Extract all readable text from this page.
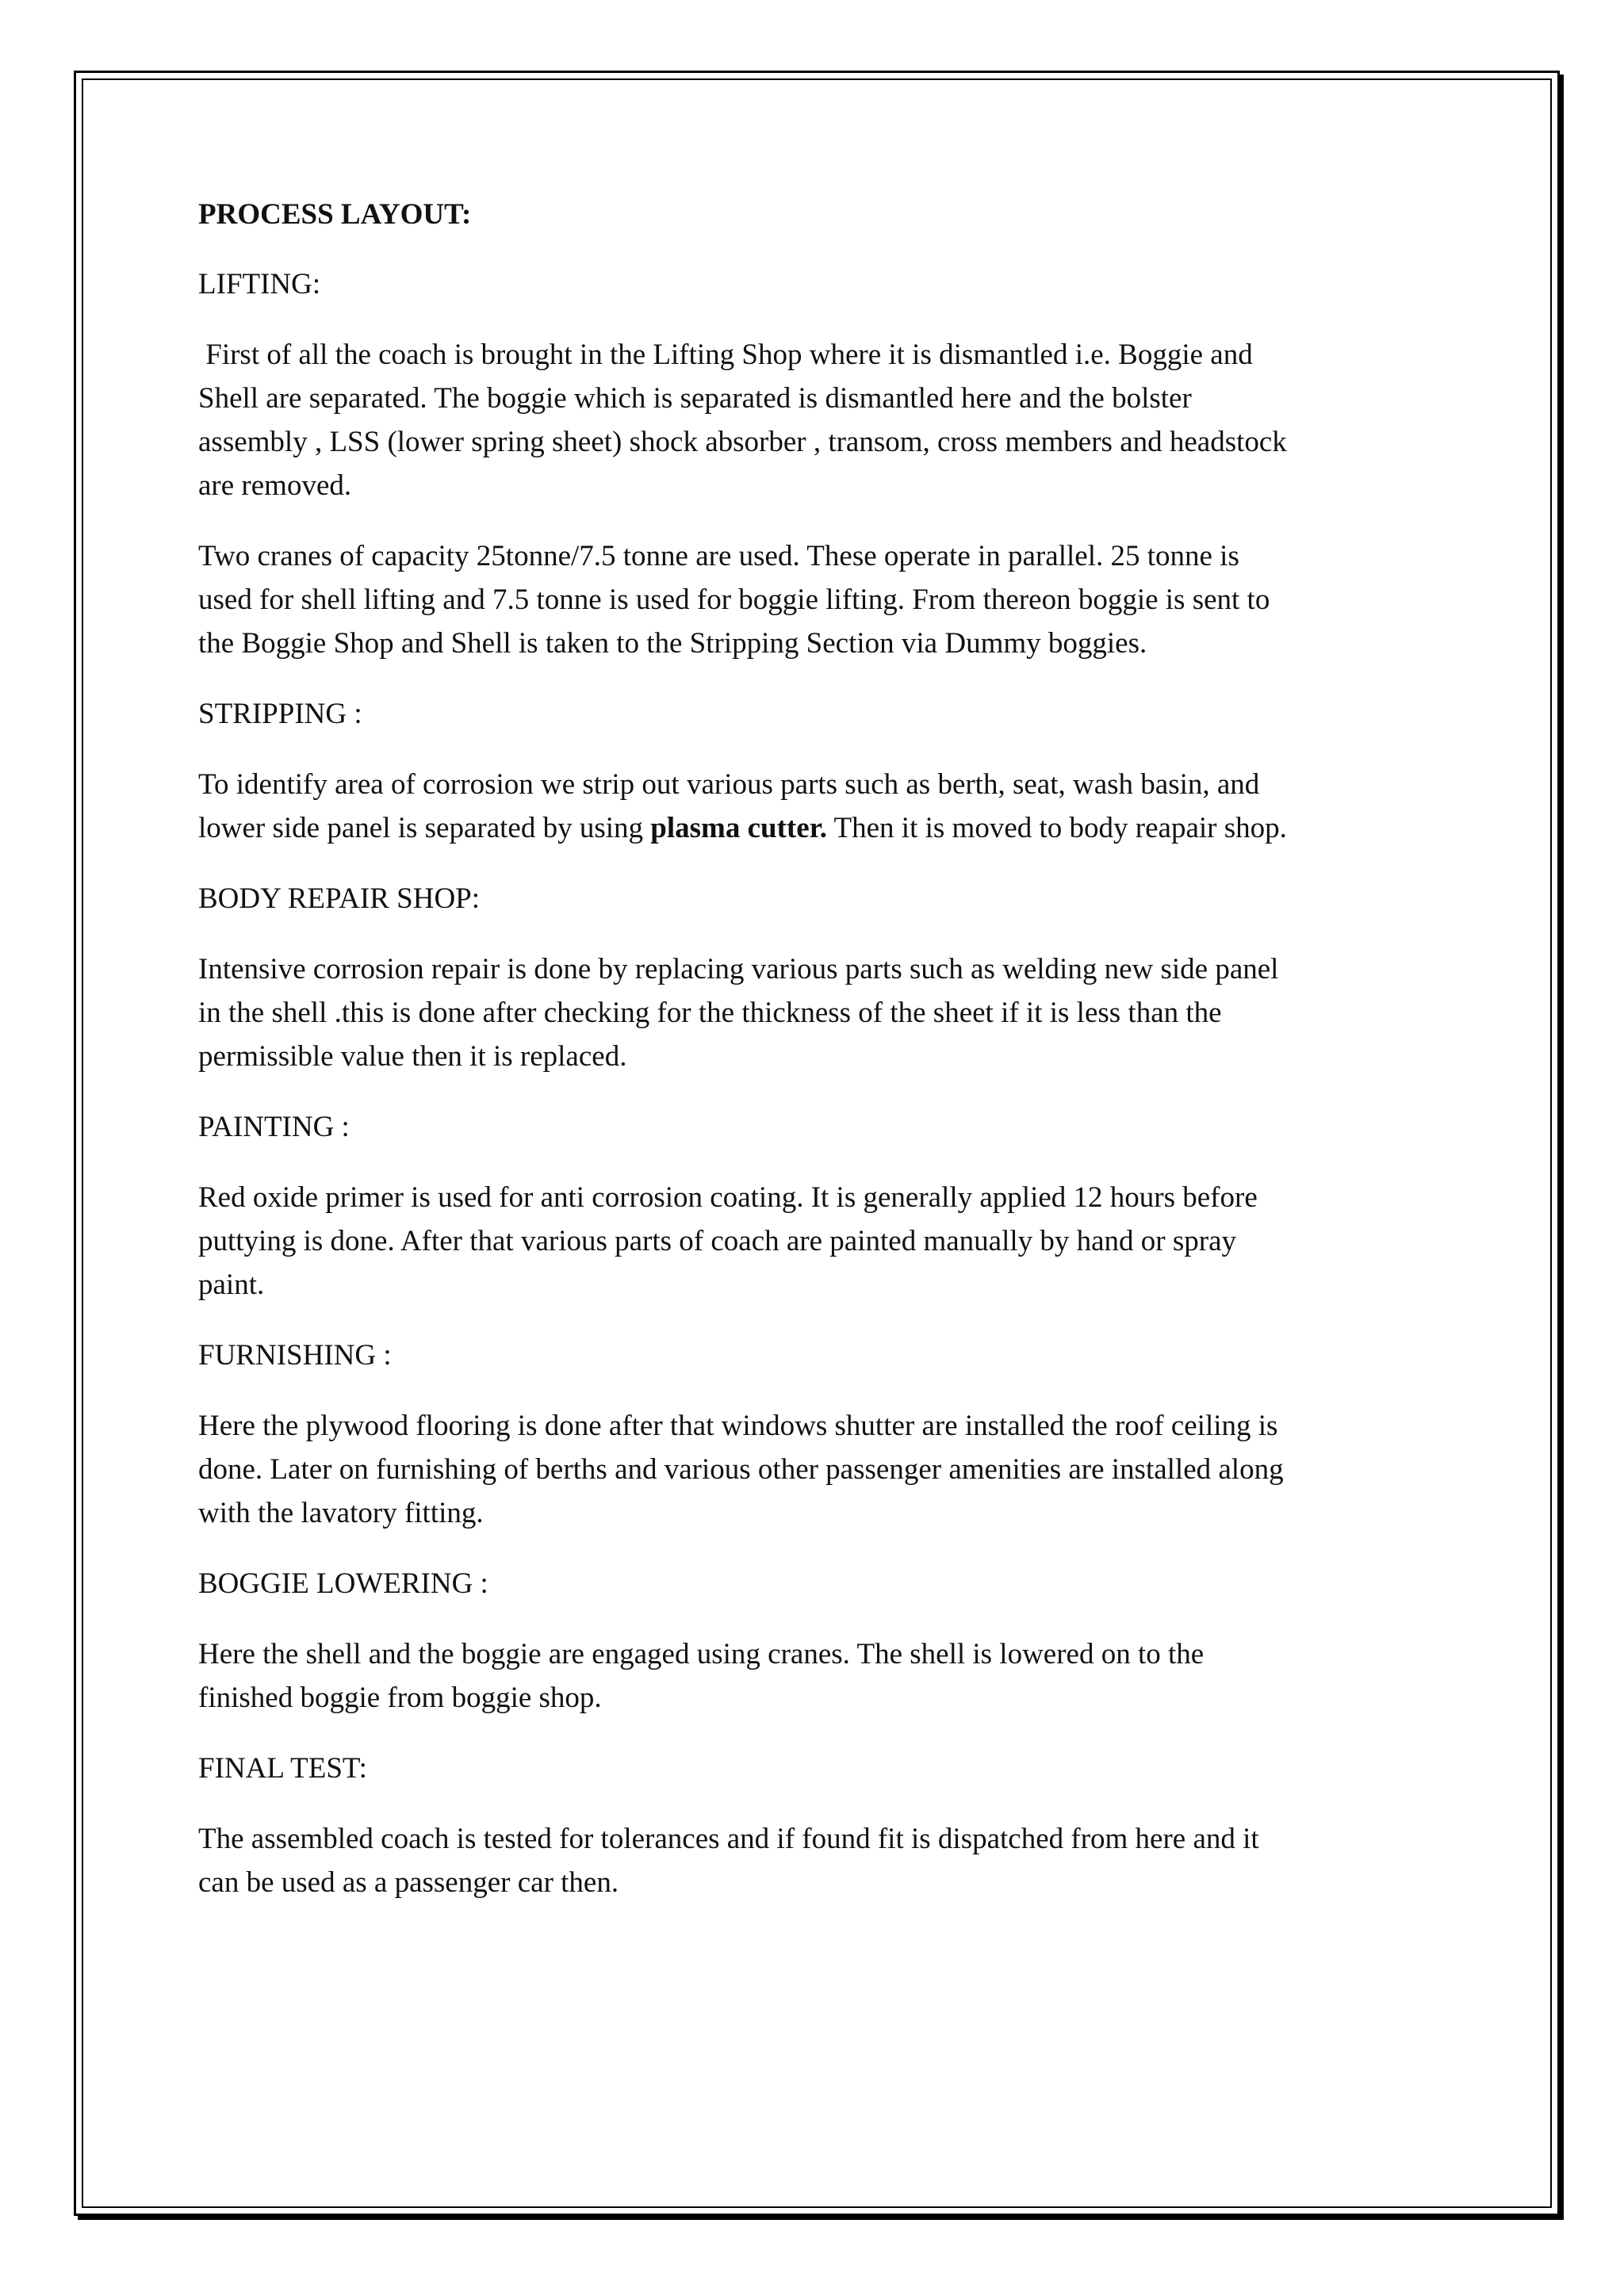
PROCESS LAYOUT:
LIFTING:
First of all the coach is brought in the Lifting Shop where it is dismantled i.e. Boggie and
Shell are separated. The boggie which is separated is dismantled here and the bolster
assembly , LSS (lower spring sheet) shock absorber , transom, cross members and headstock
are removed.
Two cranes of capacity 25tonne/7.5 tonne are used. These operate in parallel. 25 tonne is
used for shell lifting and 7.5 tonne is used for boggie lifting. From thereon boggie is sent to
the Boggie Shop and Shell is taken to the Stripping Section via Dummy boggies.
STRIPPING :
To identify area of corrosion we strip out various parts such as berth, seat, wash basin, and
lower side panel is separated by using plasma cutter. Then it is moved to body reapair shop.
BODY REPAIR SHOP:
Intensive corrosion repair is done by replacing various parts such as welding new side panel
in the shell .this is done after checking for the thickness of the sheet if it is less than the
permissible value then it is replaced.
PAINTING :
Red oxide primer is used for anti corrosion coating. It is generally applied 12 hours before
puttying is done. After that various parts of coach are painted manually by hand or spray
paint.
FURNISHING :
Here the plywood flooring is done after that windows shutter are installed the roof ceiling is
done. Later on furnishing of berths and various other passenger amenities are installed along
with the lavatory fitting.
BOGGIE LOWERING :
Here the shell and the boggie are engaged using cranes. The shell is lowered on to the
finished boggie from boggie shop.
FINAL TEST:
The assembled coach is tested for tolerances and if found fit is dispatched from here and it
can be used as a passenger car then.
